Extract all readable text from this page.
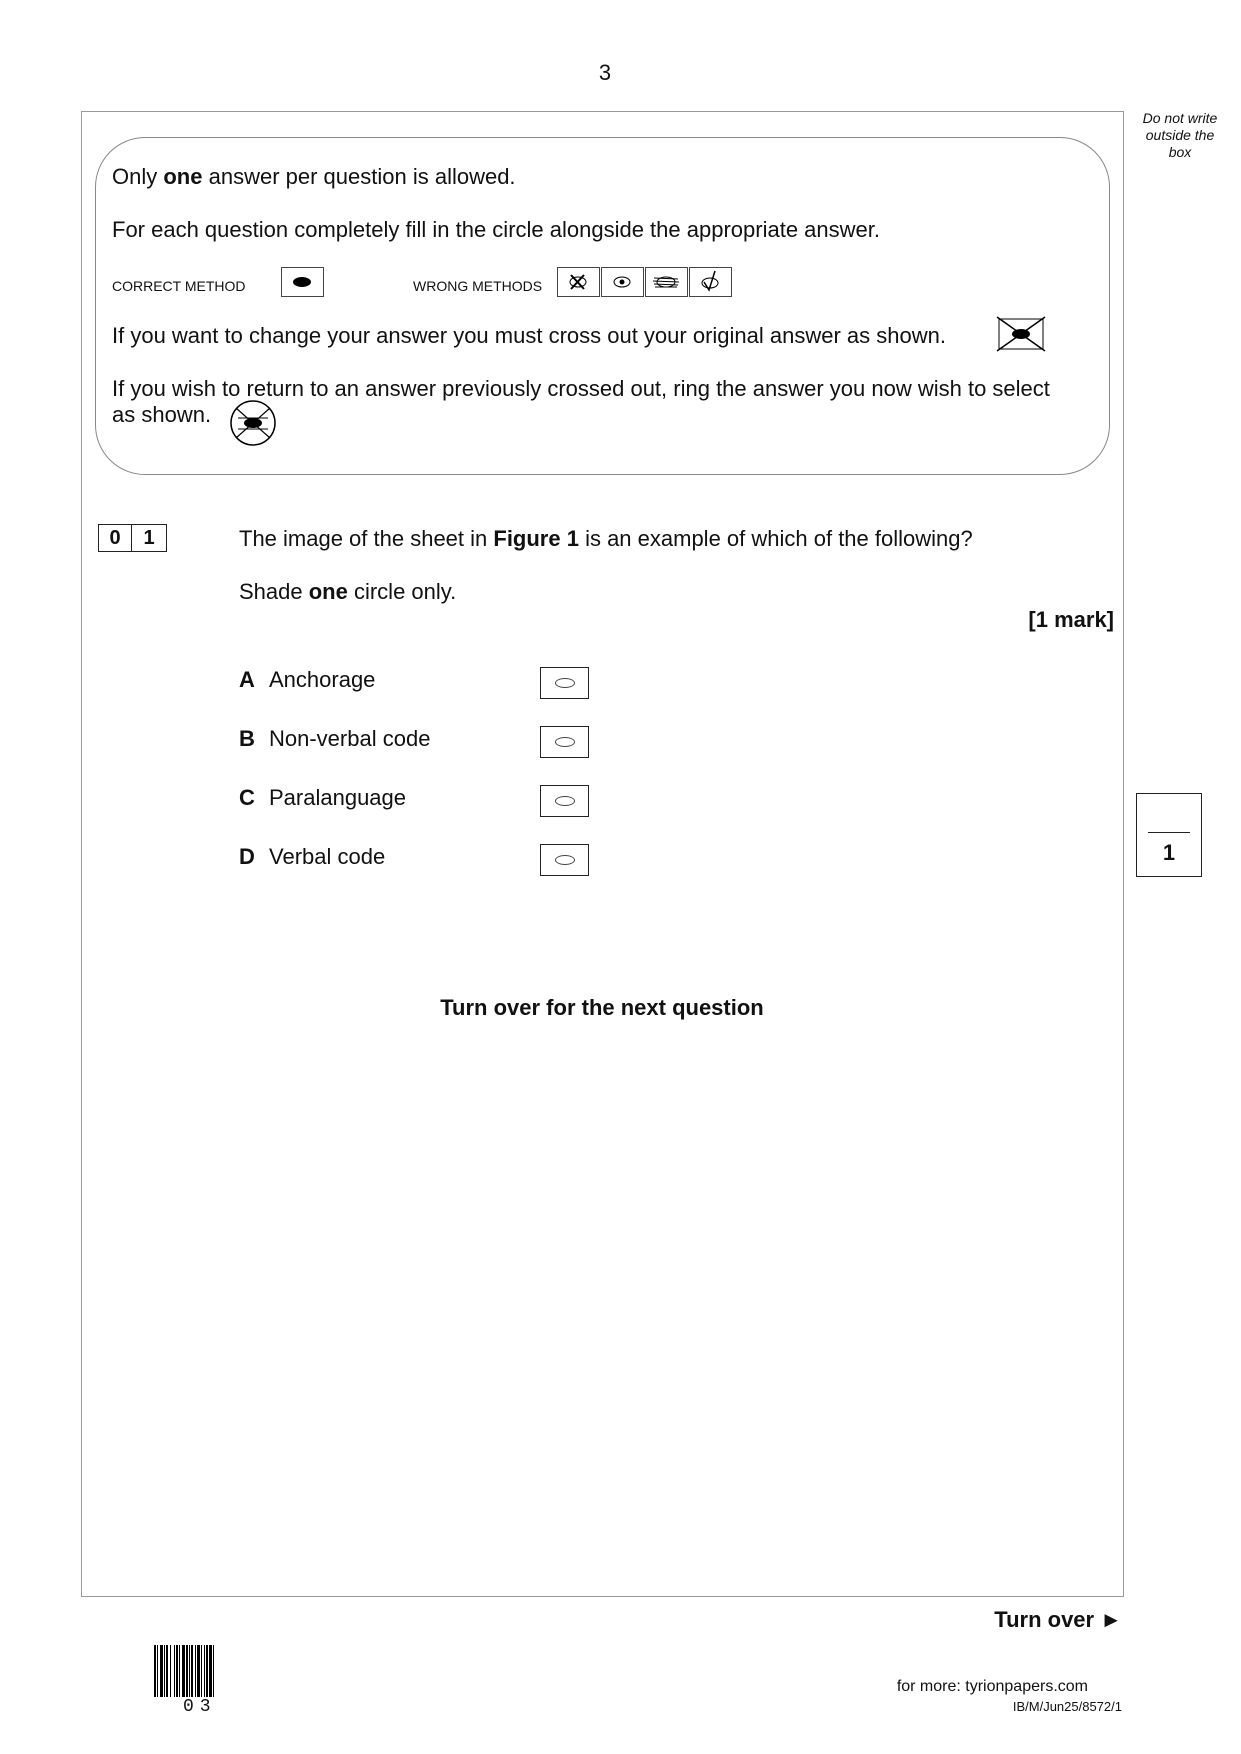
3
Do not write
outside the
box
Only one answer per question is allowed.
For each question completely fill in the circle alongside the appropriate answer.
CORRECT METHOD	WRONG METHODS
If you want to change your answer you must cross out your original answer as shown.
If you wish to return to an answer previously crossed out, ring the answer you now wish to select
as shown.
0 1	The image of the sheet in Figure 1 is an example of which of the following?
Shade one circle only.
[1 mark]
A Anchorage
B Non-verbal code
C Paralanguage
D Verbal code	1
Turn over for the next question
Turn over ►
03
for more: tyrionpapers.com
IB/M/Jun25/8572/1
